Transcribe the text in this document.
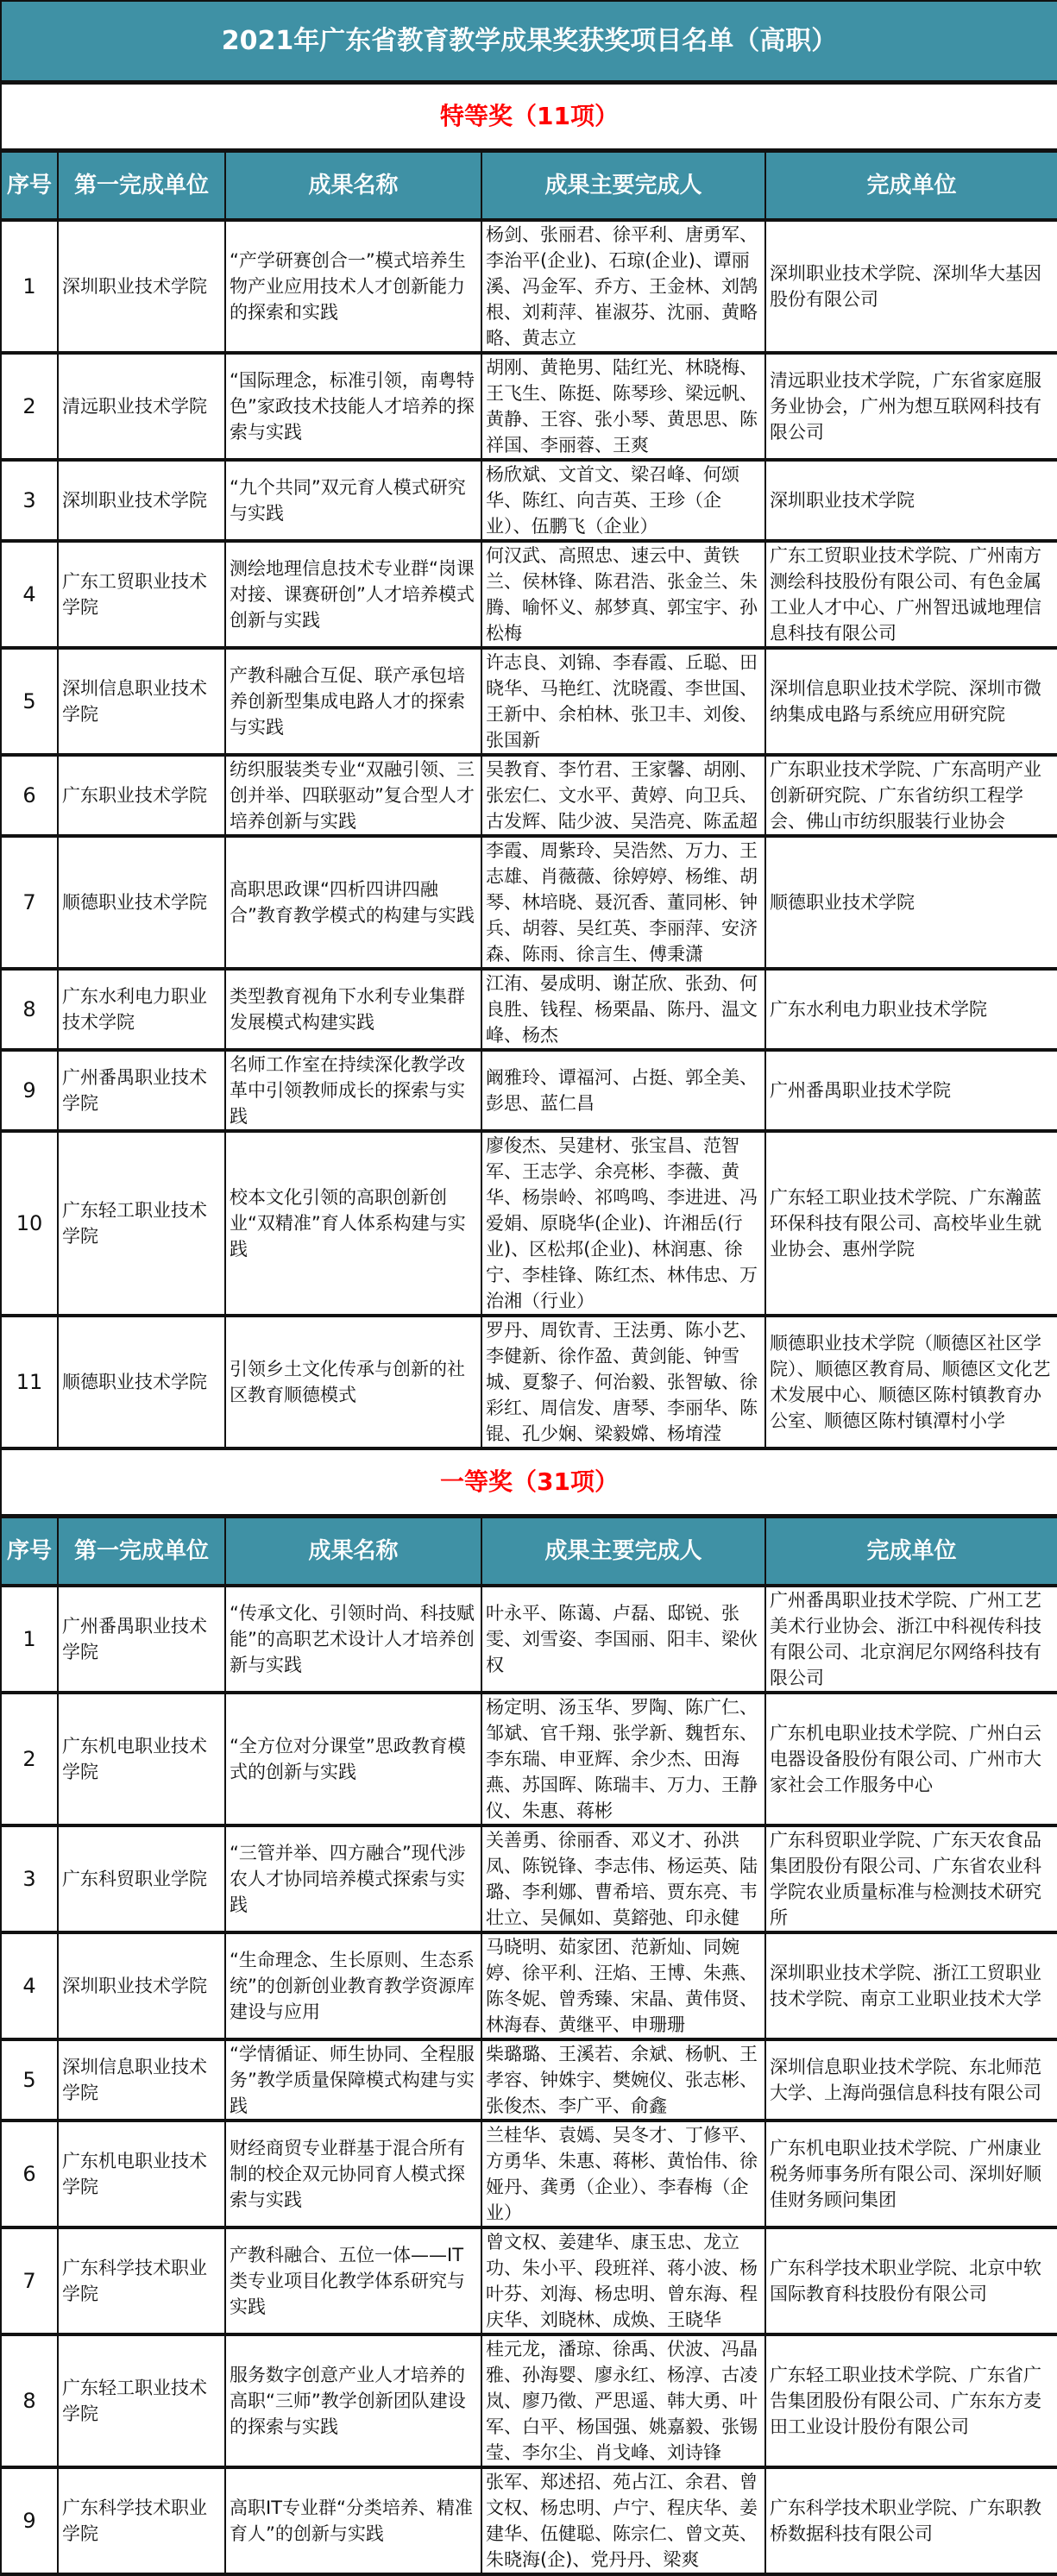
2021年广东省教育教学成果奖获奖项目名单（高职）				
特等奖（11项）				
序号	第一完成单位	成果名称	成果主要完成人	完成单位
1	深圳职业技术学院	“产学研赛创合一”模式培养生物产业应用技术人才创新能力的探索和实践	杨剑、张丽君、徐平利、唐勇军、李治平(企业)、石琼(企业)、谭丽溪、冯金军、乔方、王金林、刘鹄根、刘莉萍、崔淑芬、沈丽、黄略略、黄志立	深圳职业技术学院、深圳华大基因股份有限公司
2	清远职业技术学院	“国际理念，标准引领，南粤特色”家政技术技能人才培养的探索与实践	胡刚、黄艳男、陆红光、林晓梅、王飞生、陈挺、陈琴珍、梁远帆、黄静、王容、张小琴、黄思思、陈祥国、李丽蓉、王爽	清远职业技术学院，广东省家庭服务业协会，广州为想互联网科技有限公司
3	深圳职业技术学院	“九个共同”双元育人模式研究与实践	杨欣斌、文首文、梁召峰、何颂华、陈红、向吉英、王珍（企业）、伍鹏飞（企业）	深圳职业技术学院
4	广东工贸职业技术学院	测绘地理信息技术专业群“岗课对接、课赛研创”人才培养模式创新与实践	何汉武、高照忠、速云中、黄铁兰、侯林锋、陈君浩、张金兰、朱腾、喻怀义、郝梦真、郭宝宇、孙松梅	广东工贸职业技术学院、广州南方测绘科技股份有限公司、有色金属工业人才中心、广州智迅诚地理信息科技有限公司
5	深圳信息职业技术学院	产教科融合互促、联产承包培养创新型集成电路人才的探索与实践	许志良、刘锦、李春霞、丘聪、田晓华、马艳红、沈晓霞、李世国、王新中、余柏林、张卫丰、刘俊、张国新	深圳信息职业技术学院、深圳市微纳集成电路与系统应用研究院
6	广东职业技术学院	纺织服装类专业“双融引领、三创并举、四联驱动”复合型人才培养创新与实践	吴教育、李竹君、王家馨、胡刚、张宏仁、文水平、黄婷、向卫兵、古发辉、陆少波、吴浩亮、陈孟超	广东职业技术学院、广东高明产业创新研究院、广东省纺织工程学会、佛山市纺织服装行业协会
7	顺德职业技术学院	高职思政课“四析四讲四融合”教育教学模式的构建与实践	李霞、周紫玲、吴浩然、万力、王志雄、肖薇薇、徐婷婷、杨维、胡琴、林培晓、聂沉香、董同彬、钟兵、胡蓉、吴红英、李丽萍、安济森、陈雨、徐言生、傅秉潇	顺德职业技术学院
8	广东水利电力职业技术学院	类型教育视角下水利专业集群发展模式构建实践	江洧、晏成明、谢芷欣、张劲、何良胜、钱程、杨栗晶、陈丹、温文峰、杨杰	广东水利电力职业技术学院
9	广州番禺职业技术学院	名师工作室在持续深化教学改革中引领教师成长的探索与实践	阚雅玲、谭福河、占挺、郭全美、彭思、蓝仁昌	广州番禺职业技术学院
10	广东轻工职业技术学院	校本文化引领的高职创新创业“双精准”育人体系构建与实践	廖俊杰、吴建材、张宝昌、范智军、王志学、余亮彬、李薇、黄华、杨崇岭、祁鸣鸣、李进进、冯爱娟、原晓华(企业)、许湘岳(行业)、区松邦(企业)、林润惠、徐宁、李桂锋、陈红杰、林伟忠、万治湘（行业）	广东轻工职业技术学院、广东瀚蓝环保科技有限公司、高校毕业生就业协会、惠州学院
11	顺德职业技术学院	引领乡土文化传承与创新的社区教育顺德模式	罗丹、周钦青、王法勇、陈小艺、李健新、徐作盈、黄剑能、钟雪城、夏黎子、何治毅、张智敏、徐彩红、周信发、唐琴、李丽华、陈锟、孔少娴、梁毅嫦、杨堉滢	顺德职业技术学院（顺德区社区学院）、顺德区教育局、顺德区文化艺术发展中心、顺德区陈村镇教育办公室、顺德区陈村镇潭村小学
一等奖（31项）				
序号	第一完成单位	成果名称	成果主要完成人	完成单位
1	广州番禺职业技术学院	“传承文化、引领时尚、科技赋能”的高职艺术设计人才培养创新与实践	叶永平、陈蔼、卢磊、邸锐、张雯、刘雪姿、李国丽、阳丰、梁伙权	广州番禺职业技术学院、广州工艺美术行业协会、浙江中科视传科技有限公司、北京润尼尔网络科技有限公司
2	广东机电职业技术学院	“全方位对分课堂”思政教育模式的创新与实践	杨定明、汤玉华、罗陶、陈广仁、邹斌、官千翔、张学新、魏哲东、李东瑞、申亚辉、余少杰、田海燕、苏国晖、陈瑞丰、万力、王静仪、朱惠、蒋彬	广东机电职业技术学院、广州白云电器设备股份有限公司、广州市大家社会工作服务中心
3	广东科贸职业学院	“三管并举、四方融合”现代涉农人才协同培养模式探索与实践	关善勇、徐丽香、邓义才、孙洪凤、陈锐锋、李志伟、杨运英、陆璐、李利娜、曹希培、贾东亮、韦壮立、吴佩如、莫鎔弛、印永健	广东科贸职业学院、广东天农食品集团股份有限公司、广东省农业科学院农业质量标准与检测技术研究所
4	深圳职业技术学院	“生命理念、生长原则、生态系统”的创新创业教育教学资源库建设与应用	马晓明、茹家团、范新灿、同婉婷、徐平利、汪焰、王博、朱燕、陈冬妮、曾秀臻、宋晶、黄伟贤、林海春、黄继平、申珊珊	深圳职业技术学院、浙江工贸职业技术学院、南京工业职业技术大学
5	深圳信息职业技术学院	“学情循证、师生协同、全程服务”教学质量保障模式构建与实践	柴璐璐、王溪若、余斌、杨帆、王孝容、钟姝宇、樊婉仪、张志彬、张俊杰、李广平、俞鑫	深圳信息职业技术学院、东北师范大学、上海尚强信息科技有限公司
6	广东机电职业技术学院	财经商贸专业群基于混合所有制的校企双元协同育人模式探索与实践	兰桂华、袁嫣、吴冬才、丁修平、方勇华、朱惠、蒋彬、黄怡伟、徐娅丹、龚勇（企业）、李春梅（企业）	广东机电职业技术学院、广州康业税务师事务所有限公司、深圳好顺佳财务顾问集团
7	广东科学技术职业学院	产教科融合、五位一体——IT类专业项目化教学体系研究与实践	曾文权、姜建华、康玉忠、龙立功、朱小平、段班祥、蒋小波、杨叶芬、刘海、杨忠明、曾东海、程庆华、刘晓林、成焕、王晓华	广东科学技术职业学院、北京中软国际教育科技股份有限公司
8	广东轻工职业技术学院	服务数字创意产业人才培养的高职“三师”教学创新团队建设的探索与实践	桂元龙，潘琼、徐禹、伏波、冯晶雅、孙海婴、廖永红、杨淳、古凌岚、廖乃徵、严思遥、韩大勇、叶军、白平、杨国强、姚嘉毅、张锡莹、李尔尘、肖戈峰、刘诗锋	广东轻工职业技术学院、广东省广告集团股份有限公司、广东东方麦田工业设计股份有限公司
9	广东科学技术职业学院	高职IT专业群“分类培养、精准育人”的创新与实践	张军、郑述招、苑占江、余君、曾文权、杨忠明、卢宁、程庆华、姜建华、伍健聪、陈宗仁、曾文英、朱晓海(企)、党丹丹、梁爽	广东科学技术职业学院、广东职教桥数据科技有限公司
